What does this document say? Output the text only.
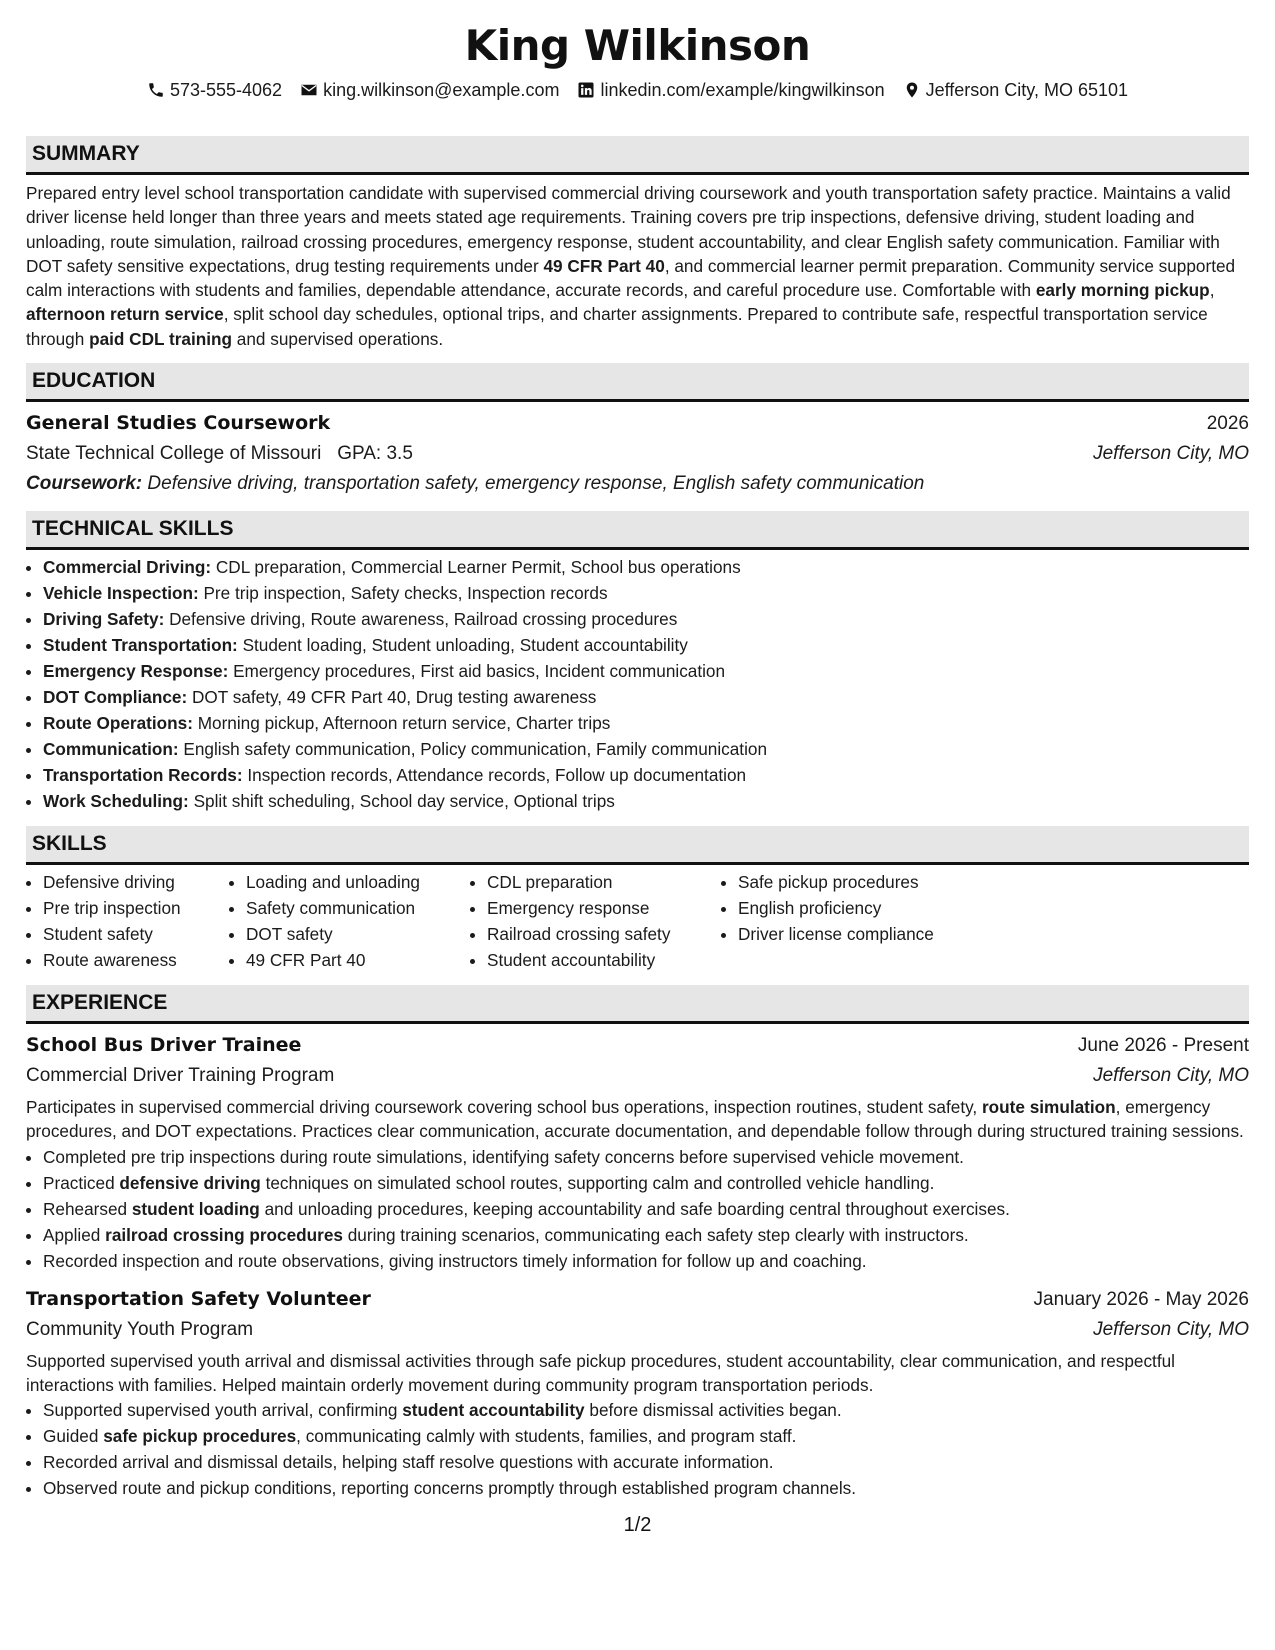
King Wilkinson
573-555-4062 king.wilkinson@example.com linkedin.com/example/kingwilkinson Jefferson City, MO 65101
SUMMARY

Prepared entry level school transportation candidate with supervised commercial driving coursework and youth transportation safety practice. Maintains a valid driver license held longer than three years and meets stated age requirements. Training covers pre trip inspections, defensive driving, student loading and unloading, route simulation, railroad crossing procedures, emergency response, student accountability, and clear English safety communication. Familiar with DOT safety sensitive expectations, drug testing requirements under 49 CFR Part 40, and commercial learner permit preparation. Community service supported calm interactions with students and families, dependable attendance, accurate records, and careful procedure use. Comfortable with early morning pickup, afternoon return service, split school day schedules, optional trips, and charter assignments. Prepared to contribute safe, respectful transportation service through paid CDL training and supervised operations.

EDUCATION
General Studies Coursework	2026
State Technical College of Missouri GPA: 3.5	Jefferson City, MO
Coursework: Defensive driving, transportation safety, emergency response, English safety communication
TECHNICAL SKILLS
• Commercial Driving: CDL preparation, Commercial Learner Permit, School bus operations
• Vehicle Inspection: Pre trip inspection, Safety checks, Inspection records
• Driving Safety: Defensive driving, Route awareness, Railroad crossing procedures
• Student Transportation: Student loading, Student unloading, Student accountability
• Emergency Response: Emergency procedures, First aid basics, Incident communication
• DOT Compliance: DOT safety, 49 CFR Part 40, Drug testing awareness
• Route Operations: Morning pickup, Afternoon return service, Charter trips
• Communication: English safety communication, Policy communication, Family communication
• Transportation Records: Inspection records, Attendance records, Follow up documentation
• Work Scheduling: Split shift scheduling, School day service, Optional trips
SKILLS
• Defensive driving
• Pre trip inspection
• Student safety
• Route awareness
• Loading and unloading
• Safety communication
• DOT safety
• 49 CFR Part 40
• CDL preparation
• Emergency response
• Railroad crossing safety
• Student accountability
• Safe pickup procedures
• English proficiency
• Driver license compliance
EXPERIENCE
School Bus Driver Trainee	June 2026 - Present
Commercial Driver Training Program	Jefferson City, MO

Participates in supervised commercial driving coursework covering school bus operations, inspection routines, student safety, route simulation, emergency procedures, and DOT expectations. Practices clear communication, accurate documentation, and dependable follow through during structured training sessions.

• Completed pre trip inspections during route simulations, identifying safety concerns before supervised vehicle movement.
• Practiced defensive driving techniques on simulated school routes, supporting calm and controlled vehicle handling.
• Rehearsed student loading and unloading procedures, keeping accountability and safe boarding central throughout exercises.
• Applied railroad crossing procedures during training scenarios, communicating each safety step clearly with instructors.
• Recorded inspection and route observations, giving instructors timely information for follow up and coaching.
Transportation Safety Volunteer	January 2026 - May 2026
Community Youth Program	Jefferson City, MO

Supported supervised youth arrival and dismissal activities through safe pickup procedures, student accountability, clear communication, and respectful interactions with families. Helped maintain orderly movement during community program transportation periods.

• Supported supervised youth arrival, confirming student accountability before dismissal activities began.
• Guided safe pickup procedures, communicating calmly with students, families, and program staff.
• Recorded arrival and dismissal details, helping staff resolve questions with accurate information.
• Observed route and pickup conditions, reporting concerns promptly through established program channels.
1/2
